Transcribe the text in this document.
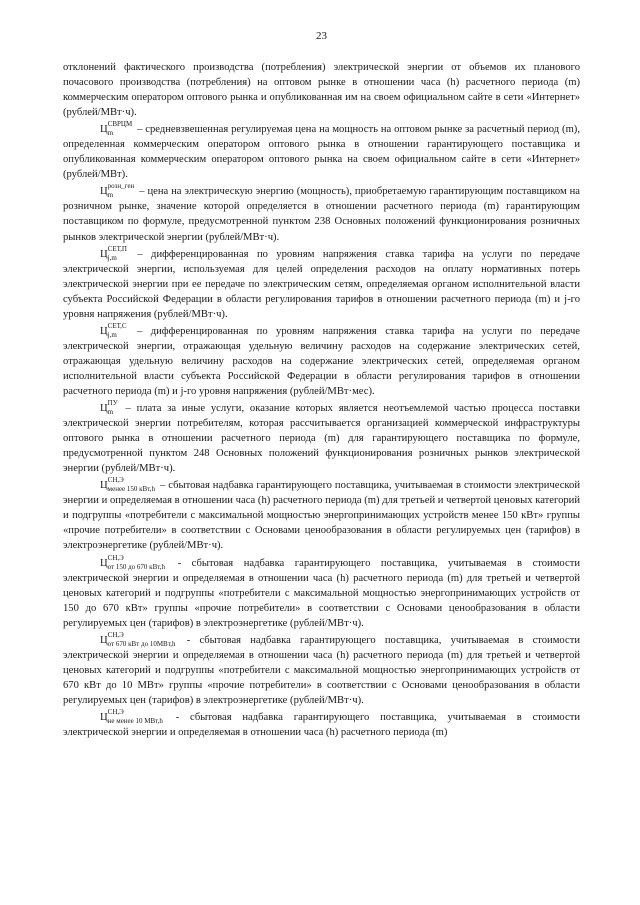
23

отклонений фактического производства (потребления) электрической энергии от объемов их планового почасового производства (потребления) на оптовом рынке в отношении часа (h) расчетного периода (m) коммерческим оператором оптового рынка и опубликованная им на своем официальном сайте в сети «Интернет» (рублей/МВт·ч).

Ц СВРЦМ
m	– средневзвешенная регулируемая цена на мощность на оптовом рынке за расчетный период (m), определенная коммерческим оператором оптового рынка в отношении гарантирующего поставщика и опубликованная коммерческим оператором оптового рынка на своем официальном сайте в сети «Интернет» (рублей/МВт).

Ц розн_ген
m	– цена на электрическую энергию (мощность), приобретаемую гарантирующим поставщиком на розничном рынке, значение которой определяется в отношении расчетного периода (m) гарантирующим поставщиком по формуле, предусмотренной пунктом 238 Основных положений функционирования розничных рынков электрической энергии (рублей/МВт·ч).

Ц СЕТ,П
j,m	– дифференцированная по уровням напряжения ставка тарифа на услуги по передаче электрической энергии, используемая для целей определения расходов на оплату нормативных потерь электрической энергии при ее передаче по электрическим сетям, определяемая органом исполнительной власти субъекта Российской Федерации в области регулирования тарифов в отношении расчетного периода (m) и j-го уровня напряжения (рублей/МВт·ч).

Ц СЕТ,С
j,m	– дифференцированная по уровням напряжения ставка тарифа на услуги по передаче электрической энергии, отражающая удельную величину расходов на содержание электрических сетей, отражающая удельную величину расходов на содержание электрических сетей, определяемая органом исполнительной власти субъекта Российской Федерации в области регулирования тарифов в отношении расчетного периода (m) и j-го уровня напряжения (рублей/МВт·мес).

Ц ПУ
m – плата за иные услуги, оказание которых является неотъемлемой частью процесса поставки электрической энергии потребителям, которая рассчитывается организацией коммерческой инфраструктуры оптового рынка в отношении расчетного периода (m) для гарантирующего поставщика по формуле, предусмотренной пунктом 248 Основных положений функционирования розничных рынков электрической энергии (рублей/МВт·ч).

Ц СН,Э
менее 150 кВт,h – сбытовая надбавка гарантирующего поставщика, учитываемая в стоимости электрической энергии и определяемая в отношении часа (h) расчетного периода (m) для третьей и четвертой ценовых категорий и подгруппы «потребители с максимальной мощностью энергопринимающих устройств менее 150 кВт» группы «прочие потребители» в соответствии с Основами ценообразования в области регулируемых цен (тарифов) в электроэнергетике (рублей/МВт·ч).

Ц СН,Э
от 150 до 670 кВт,h - сбытовая надбавка гарантирующего поставщика, учитываемая в стоимости электрической энергии и определяемая в отношении часа (h) расчетного периода (m) для третьей и четвертой ценовых категорий и подгруппы «потребители с максимальной мощностью энергопринимающих устройств от 150 до 670 кВт» группы «прочие потребители» в соответствии с Основами ценообразования в области регулируемых цен (тарифов) в электроэнергетике (рублей/МВт·ч).

Ц СН,Э
от 670 кВт до 10МВт,h - сбытовая надбавка гарантирующего поставщика, учитываемая в стоимости электрической энергии и определяемая в отношении часа (h) расчетного периода (m) для третьей и четвертой ценовых категорий и подгруппы «потребители с максимальной мощностью энергопринимающих устройств от 670 кВт до 10 МВт» группы «прочие потребители» в соответствии с Основами ценообразования в области регулируемых цен (тарифов) в электроэнергетике (рублей/МВт·ч).

Ц СН,Э
не менее 10 МВт,h - сбытовая надбавка гарантирующего поставщика, учитываемая в стоимости электрической энергии и определяемая в отношении часа (h) расчетного периода (m)
